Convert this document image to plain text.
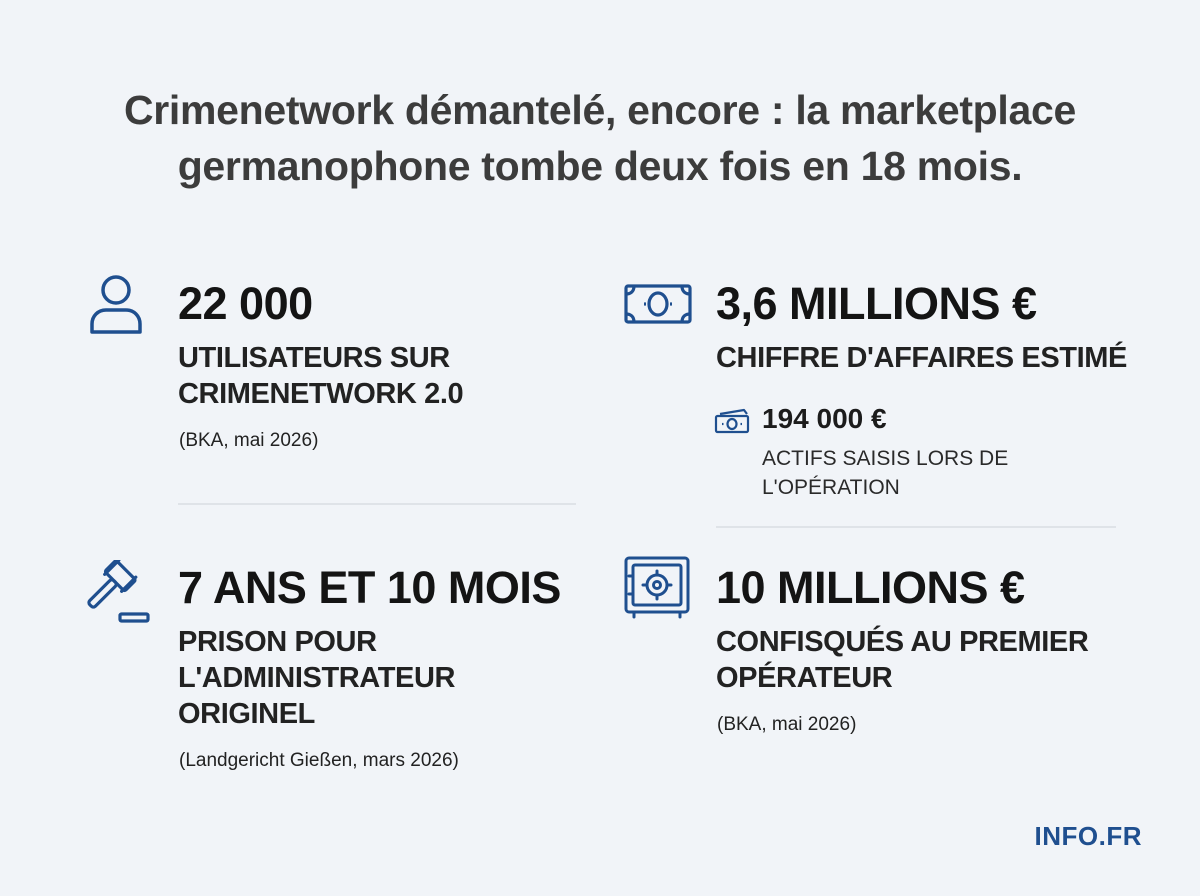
Crimenetwork démantelé, encore : la marketplace
germanophone tombe deux fois en 18 mois.
22 000
UTILISATEURS SUR
CRIMENETWORK 2.0
(BKA, mai 2026)
3,6 MILLIONS €
CHIFFRE D'AFFAIRES ESTIMÉ
194 000 €
ACTIFS SAISIS LORS DE
L'OPÉRATION
7 ANS ET 10 MOIS
PRISON POUR
L'ADMINISTRATEUR
ORIGINEL
(Landgericht Gießen, mars 2026)
10 MILLIONS €
CONFISQUÉS AU PREMIER
OPÉRATEUR
(BKA, mai 2026)
INFO.FR
